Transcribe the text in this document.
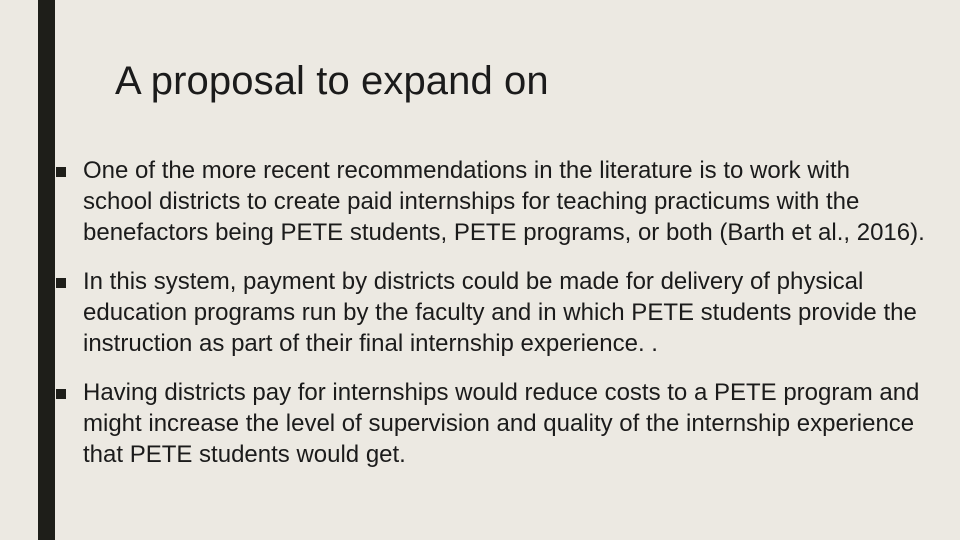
A proposal to expand on
One of the more recent recommendations in the literature is to work with school districts to create paid internships for teaching practicums with the benefactors being PETE students, PETE programs, or both (Barth et al., 2016).
In this system, payment by districts could be made for delivery of physical education programs run by the faculty and in which PETE students provide the instruction as part of their final internship experience. .
Having districts pay for internships would reduce costs to a PETE program and might increase the level of supervision and quality of the internship experience that PETE students would get.
